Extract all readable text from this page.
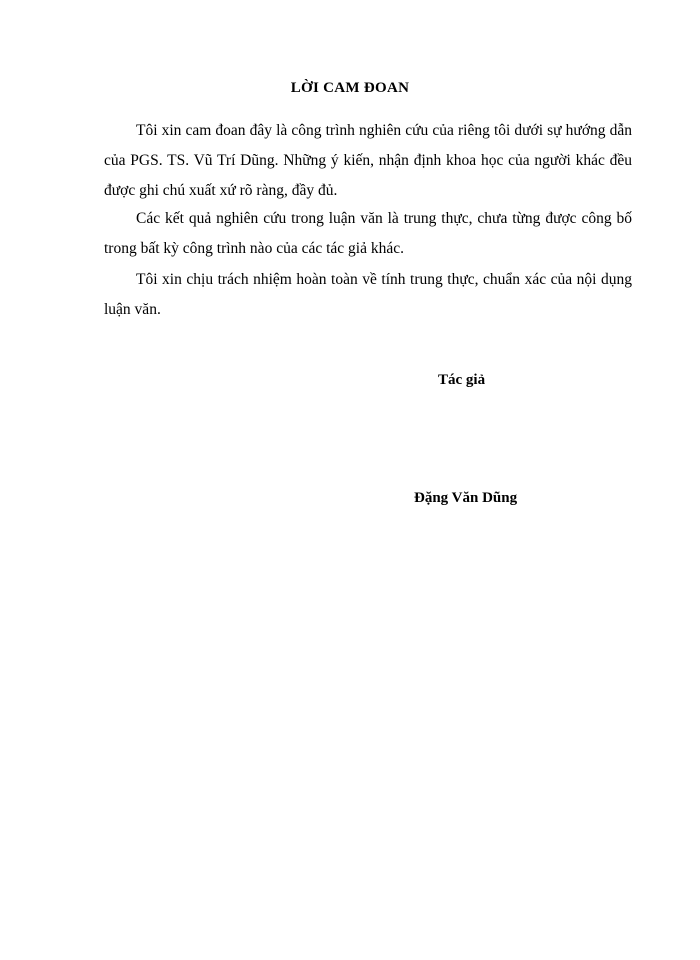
LỜI CAM ĐOAN

Tôi xin cam đoan đây là công trình nghiên cứu của riêng tôi dưới sự hướng dẫn của PGS. TS. Vũ Trí Dũng. Những ý kiến, nhận định khoa học của người khác đều được ghi chú xuất xứ rõ ràng, đầy đủ.

Các kết quả nghiên cứu trong luận văn là trung thực, chưa từng được công bố trong bất kỳ công trình nào của các tác giả khác.

Tôi xin chịu trách nhiệm hoàn toàn về tính trung thực, chuẩn xác của nội dụng luận văn.

Tác giả
Đặng Văn Dũng
